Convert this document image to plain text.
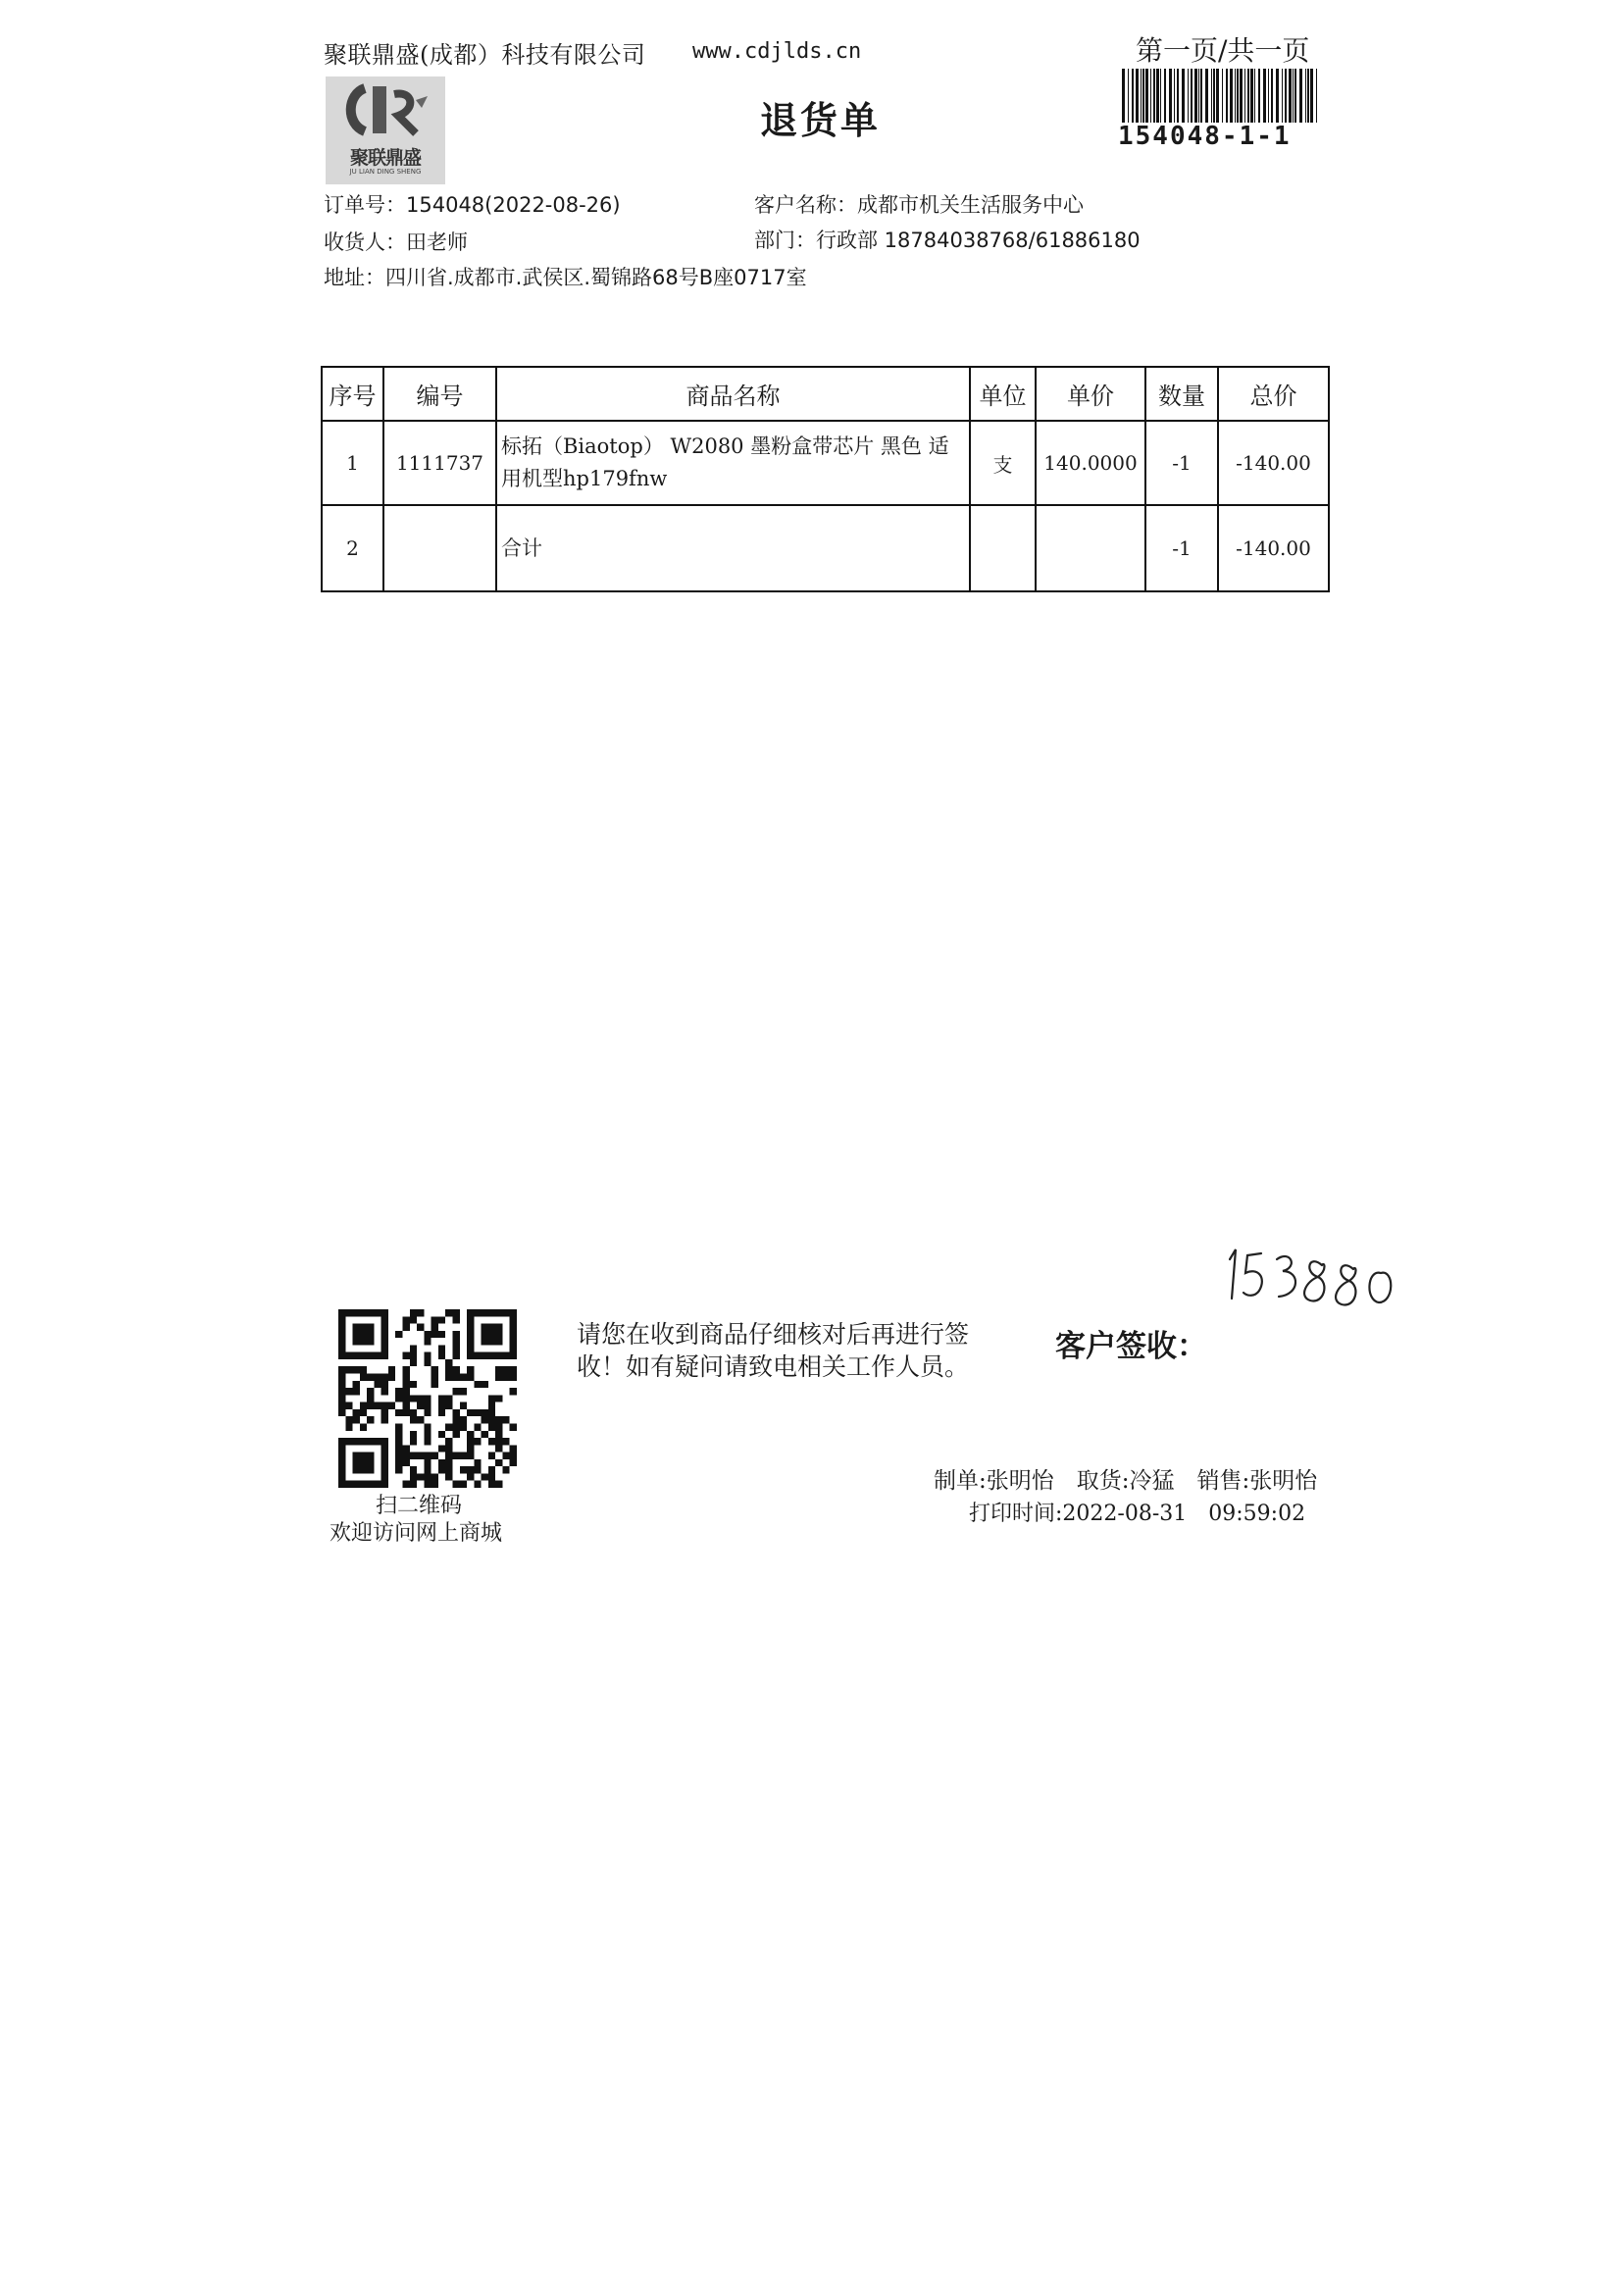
聚联鼎盛(成都）科技有限公司 www.cdjlds.cn	第一页/共一页
聚联鼎盛
JU LIAN DING SHENG
退货单	154048-1-1
订单号：154048(2022-08-26)	客户名称：成都市机关生活服务中心
收货人：田老师	部门：行政部 18784038768/61886180
地址：四川省.成都市.武侯区.蜀锦路68号B座0717室
序号	编号	商品名称	单位	单价	数量	总价
1	1111737	标拓（Biaotop） W2080 墨粉盒带芯片 黑色 适用机型hp179fnw	支	140.0000	-1	-140.00
2		合计			-1	-140.00
扫二维码
欢迎访问网上商城
请您在收到商品仔细核对后再进行签收！如有疑问请致电相关工作人员。
客户签收：
制单:张明怡　取货:冷猛　销售:张明怡
打印时间:2022-08-31　09:59:02
